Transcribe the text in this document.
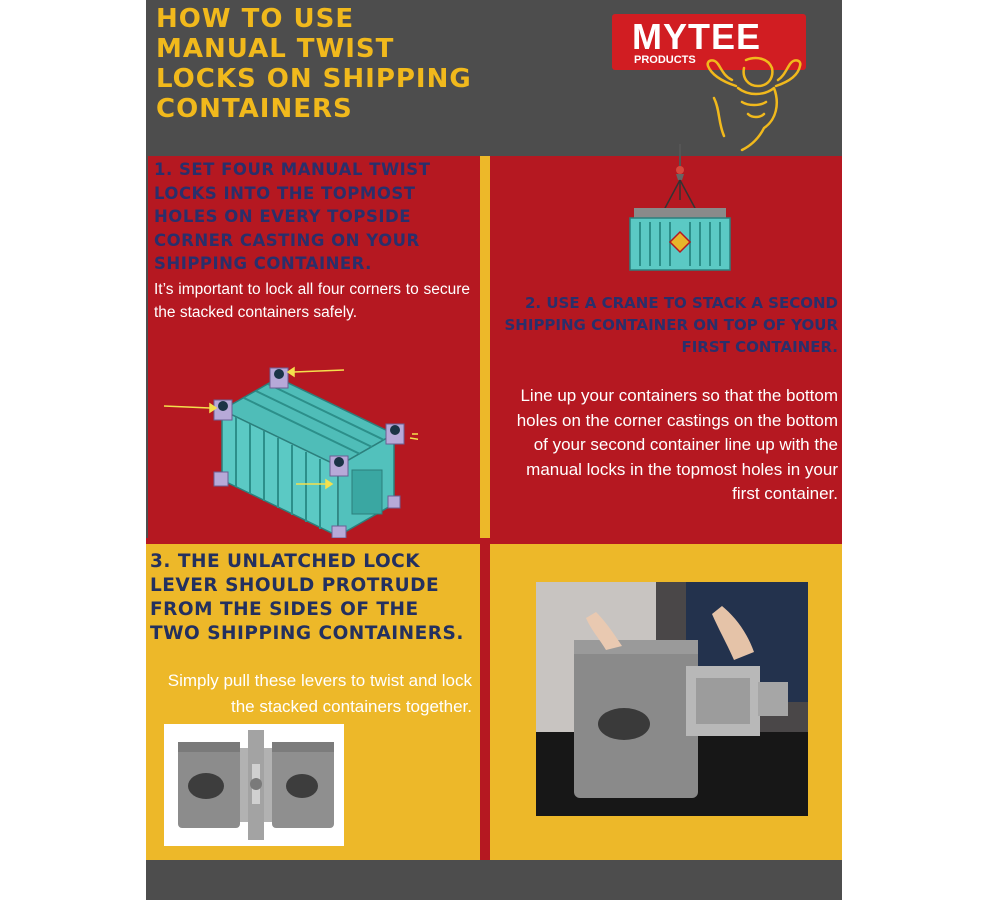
HOW TO USE MANUAL TWIST LOCKS ON SHIPPING CONTAINERS
MYTEE
PRODUCTS
1. SET FOUR MANUAL TWIST LOCKS INTO THE TOPMOST HOLES ON EVERY TOPSIDE CORNER CASTING ON YOUR SHIPPING CONTAINER.

It’s important to lock all four corners to secure the stacked containers safely.

2. USE A CRANE TO STACK A SECOND SHIPPING CONTAINER ON TOP OF YOUR FIRST CONTAINER.

Line up your containers so that the bottom holes on the corner castings on the bottom of your second container line up with the manual locks in the topmost holes in your first container.

3. THE UNLATCHED LOCK LEVER SHOULD PROTRUDE FROM THE SIDES OF THE TWO SHIPPING CONTAINERS.

Simply pull these levers to twist and lock the stacked containers together.
